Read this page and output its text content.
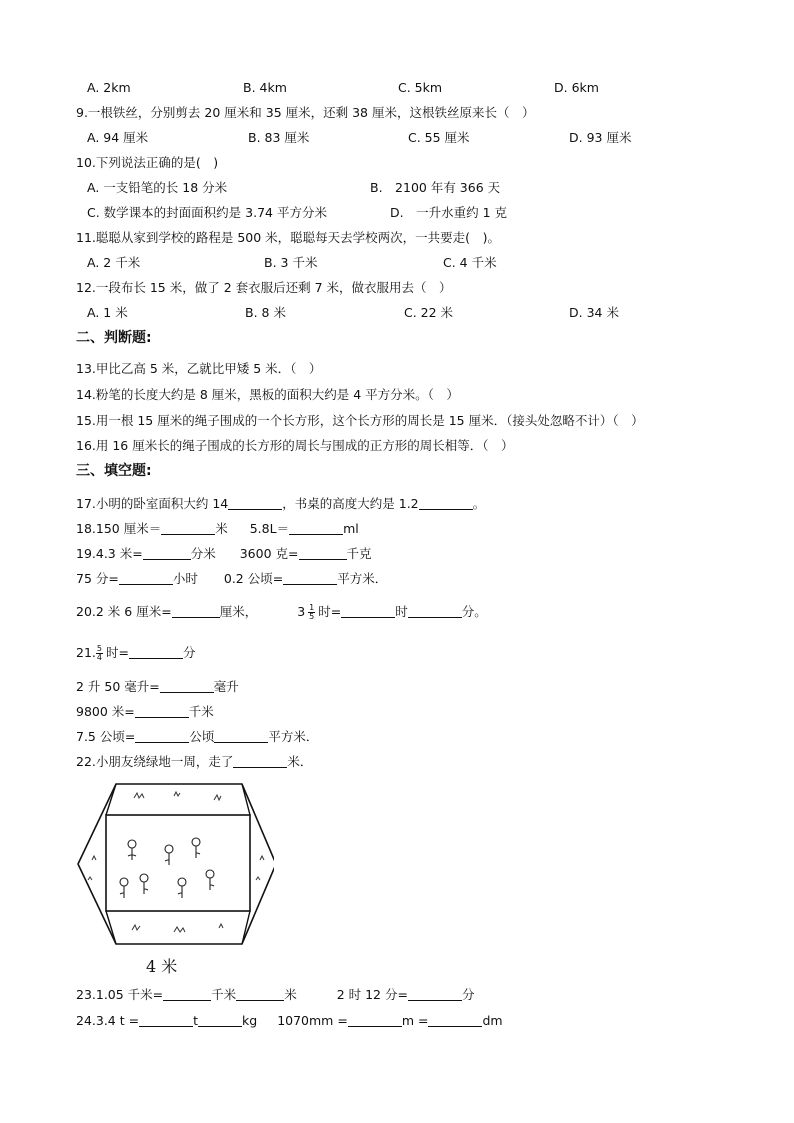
A. 2km	B. 4km	C. 5km	D. 6km
9.一根铁丝，分别剪去 20 厘米和 35 厘米，还剩 38 厘米，这根铁丝原来长（　）
A. 94 厘米	B. 83 厘米	C. 55 厘米	D. 93 厘米
10.下列说法正确的是(　)
A. 一支铅笔的长 18 分米	B.　2100 年有 366 天
C. 数学课本的封面面积约是 3.74 平方分米	D.　一升水重约 1 克
11.聪聪从家到学校的路程是 500 米，聪聪每天去学校两次，一共要走(　)。
A. 2 千米	B. 3 千米	C. 4 千米
12.一段布长 15 米，做了 2 套衣服后还剩 7 米，做衣服用去（　）
A. 1 米	B. 8 米	C. 22 米	D. 34 米
二、判断题:
13.甲比乙高 5 米，乙就比甲矮 5 米．（　）
14.粉笔的长度大约是 8 厘米，黑板的面积大约是 4 平方分米。（　）
15.用一根 15 厘米的绳子围成的一个长方形，这个长方形的周长是 15 厘米．（接头处忽略不计）（　）
16.用 16 厘米长的绳子围成的长方形的周长与围成的正方形的周长相等．（　）
三、填空题:
17.小明的卧室面积大约 14	，书桌的高度大约是 1.2	。
18.150 厘米＝	米 5.8L＝	ml
19.4.3 米=	分米 3600 克=	千克
75 分=	小时 0.2 公顷=	平方米．
20.2 米 6 厘米=	厘米，	$3 \frac{1}{5}$ 时=	时	分。
21. $\frac{5}{4}$ 时=	分
2 升 50 毫升=	毫升
9800 米=	千米
7.5 公顷=	公顷	平方米．
22.小朋友绕绿地一周，走了	米．
4 米
23.1.05 千米=	千米	米	2 时 12 分=	分
24.3.4 t =	t	kg 1070mm =	m =	dm
